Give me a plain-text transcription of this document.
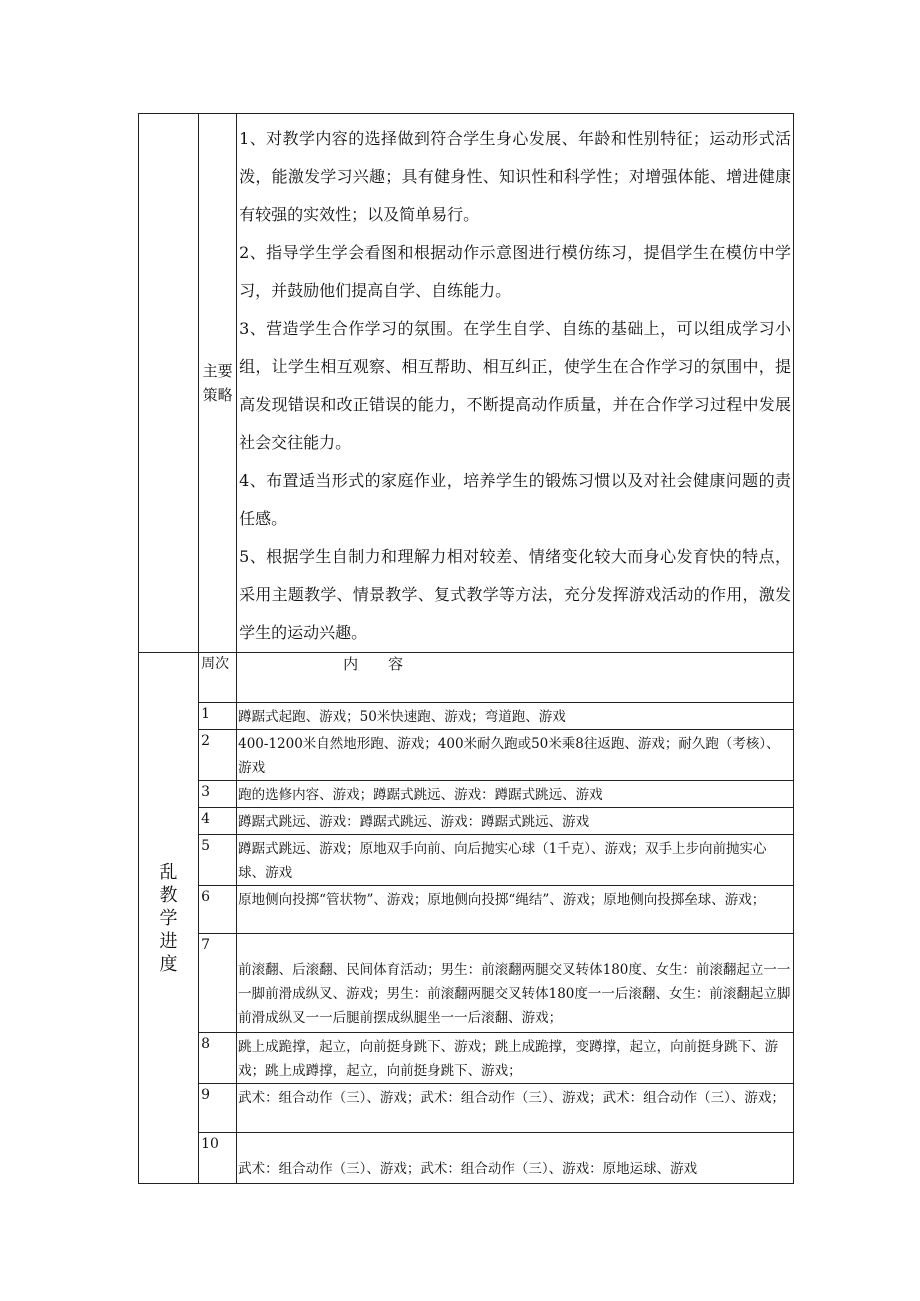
	主要策略	1、对教学内容的选择做到符合学生身心发展、年龄和性别特征；运动形式活泼，能激发学习兴趣；具有健身性、知识性和科学性；对增强体能、增进健康有较强的实效性；以及简单易行。

2、指导学生学会看图和根据动作示意图进行模仿练习，提倡学生在模仿中学习，并鼓励他们提高自学、自练能力。

3、营造学生合作学习的氛围。在学生自学、自练的基础上，可以组成学习小组，让学生相互观察、相互帮助、相互纠正，使学生在合作学习的氛围中，提高发现错误和改正错误的能力，不断提高动作质量，并在合作学习过程中发展社会交往能力。

4、布置适当形式的家庭作业，培养学生的锻炼习惯以及对社会健康问题的责任感。

5、根据学生自制力和理解力相对较差、情绪变化较大而身心发育快的特点，采用主题教学、情景教学、复式教学等方法，充分发挥游戏活动的作用，激发学生的运动兴趣。

乱
教
学
进
度	周次	内　　容
	1	蹲踞式起跑、游戏；50米快速跑、游戏；弯道跑、游戏
	2	400-1200米自然地形跑、游戏；400米耐久跑或50米乘8往返跑、游戏；耐久跑（考核）、游戏
	3	跑的选修内容、游戏；蹲踞式跳远、游戏：蹲踞式跳远、游戏
	4	蹲踞式跳远、游戏：蹲踞式跳远、游戏：蹲踞式跳远、游戏
	5	蹲踞式跳远、游戏；原地双手向前、向后抛实心球（1千克）、游戏；双手上步向前抛实心球、游戏
	6	原地侧向投掷“管状物”、游戏；原地侧向投掷“绳结”、游戏；原地侧向投掷垒球、游戏；
	7	前滚翻、后滚翻、民间体育活动；男生：前滚翻两腿交叉转体180度、女生：前滚翻起立一一一脚前滑成纵叉、游戏；男生：前滚翻两腿交叉转体180度一一后滚翻、女生：前滚翻起立脚前滑成纵叉一一后腿前摆成纵腿坐一一后滚翻、游戏；
	8	跳上成跪撑，起立，向前挺身跳下、游戏；跳上成跪撑，变蹲撑，起立，向前挺身跳下、游戏；跳上成蹲撑，起立，向前挺身跳下、游戏；
	9	武术：组合动作（三）、游戏；武术：组合动作（三）、游戏；武术：组合动作（三）、游戏；
	10	武术：组合动作（三）、游戏；武术：组合动作（三）、游戏：原地运球、游戏
